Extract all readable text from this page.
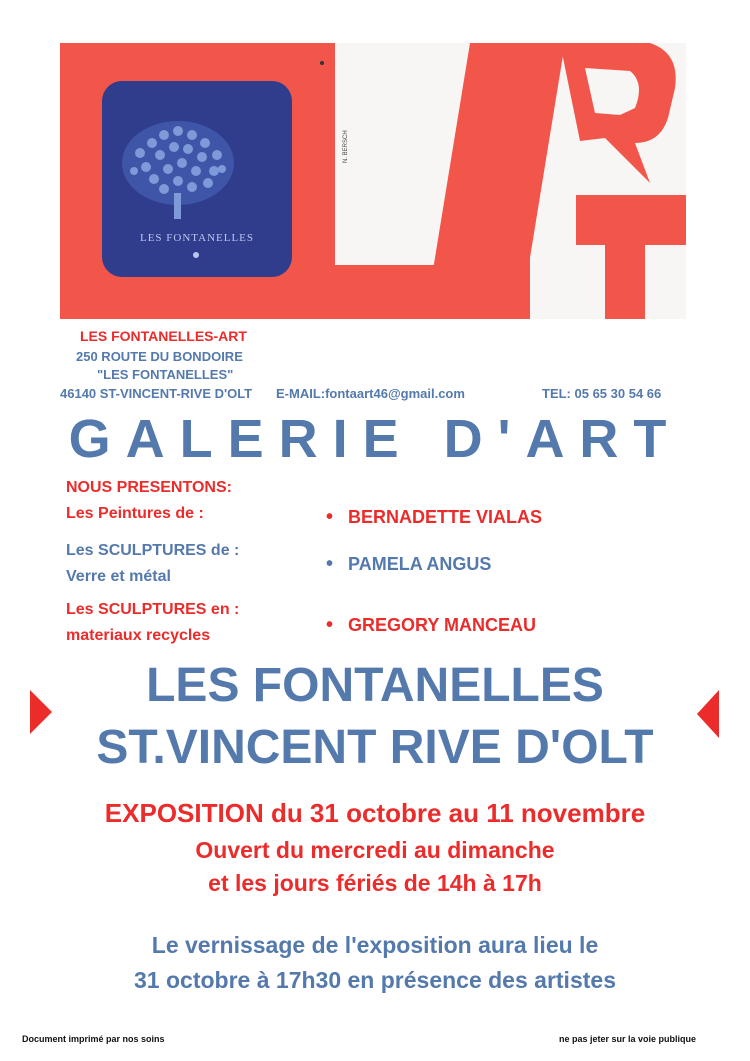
LES FONTANELLES
N. BERSCH
LES FONTANELLES-ART
250 ROUTE DU BONDOIRE
"LES FONTANELLES"
46140 ST-VINCENT-RIVE D'OLT E-MAIL:fontaart46@gmail.com	TEL: 05 65 30 54 66
GALERIE D'ART
NOUS PRESENTONS:
Les Peintures de :	• BERNADETTE VIALAS
Les SCULPTURES de :
Verre et métal
• PAMELA ANGUS
Les SCULPTURES en :
materiaux recycles	• GREGORY MANCEAU
LES FONTANELLES
ST.VINCENT RIVE D'OLT
EXPOSITION du 31 octobre au 11 novembre
Ouvert du mercredi au dimanche
et les jours fériés de 14h à 17h
Le vernissage de l'exposition aura lieu le
31 octobre à 17h30 en présence des artistes
Document imprimé par nos soins	ne pas jeter sur la voie publique
